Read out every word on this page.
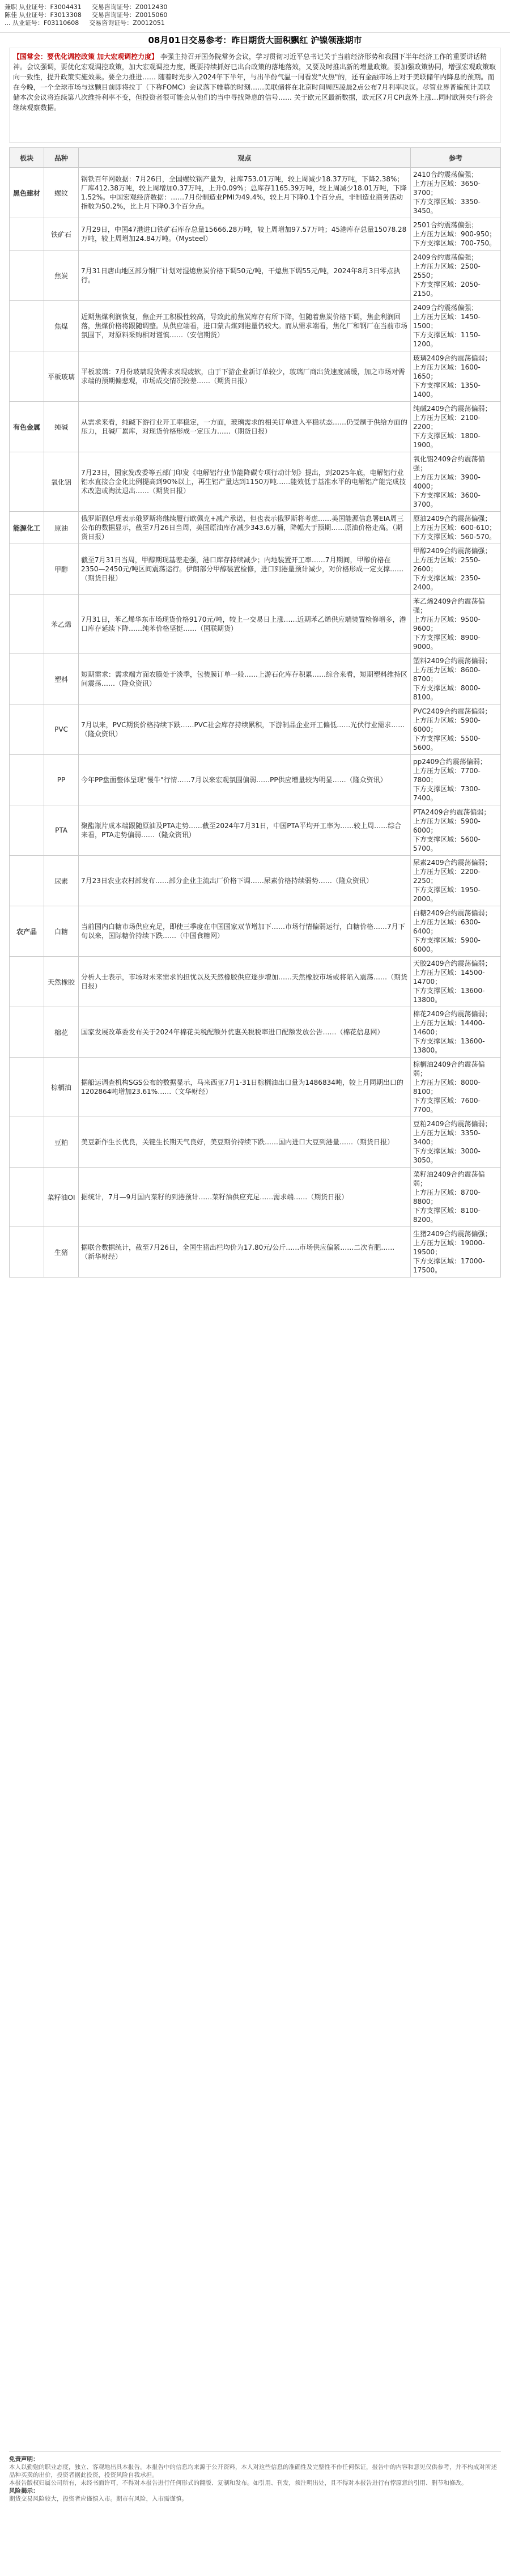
兼职 从业证号：F3004431 交易咨询证号：Z0012430
陈佳 从业证号：F3013308 交易咨询证号：Z0015060
... 从业证号：F03110608 交易咨询证号：Z0012051
08月01日交易参考：昨日期货大面积飘红 沪镍领涨期市
【国常会：要优化调控政策 加大宏观调控力度】 李强主持召开国务院常务会议，学习贯彻习近平总书记关于当前经济形势和我国下半年经济工作的重要讲话精神。会议强调，要优化宏观调控政策，加大宏观调控力度，既要持续抓好已出台政策的落地落效，又要及时推出新的增量政策。要加强政策协同，增强宏观政策取向一致性，提升政策实施效果。要全力推进…… 随着时光步入2024年下半年，与出半份气温一同看发"火热"的，还有金融市场上对于美联储年内降息的预期。而在今晚，一个全球市场与这颗目前即将拉丁（下称FOMC）会议落下帷幕的时刻……美联储将在北京时间周四凌晨2点公布7月利率决议。尽管业界普遍预计美联储本次会议将连续第八次维持利率不变，但投资者很可能会从他们的当中寻找降息的信号…… 关于欧元区最新数据，欧元区7月CPI意外上涨…同时欧洲央行将会继续观察数据。
板块	品种	观点	参考
黑色建材	螺纹	钢铁百年网数据：7月26日，全国螺纹钢产量为，社库753.01万吨，较上周减少18.37万吨，下降2.38%；厂库412.38万吨，较上周增加0.37万吨，上升0.09%；总库存1165.39万吨，较上周减少18.01万吨，下降1.52%。中国宏观经济数据：……7月份制造业PMI为49.4%，较上月下降0.1个百分点，非制造业商务活动指数为50.2%，比上月下降0.3个百分点。	2410合约震荡偏强；
上方压力区域：3650-3700；
下方支撑区域：3350-3450。

	铁矿石	7月29日，中国47港进口铁矿石库存总量15666.28万吨，较上周增加97.57万吨；45港库存总量15078.28万吨，较上周增加24.84万吨。（Mysteel）	2501合约震荡偏强；
上方压力区域：900-950；
下方支撑区域：700-750。

	焦炭	7月31日唐山地区部分钢厂计划对湿熄焦炭价格下调50元/吨，干熄焦下调55元/吨，2024年8月3日零点执行。	2409合约震荡偏强；
上方压力区域：2500-2550；
下方支撑区域：2050-2150。

	焦煤	近期焦煤利润恢复，焦企开工积极性较高，导致此前焦炭库存有所下降，但随着焦炭价格下调，焦企利润回落，焦煤价格将跟随调整。从供应端看，进口蒙古煤到港量仍较大。而从需求端看，焦化厂和钢厂在当前市场氛围下，对原料采购相对谨慎……（安信期货）	2409合约震荡偏强；
上方压力区域：1450-1500；
下方支撑区域：1150-1200。

	平板玻璃	平板玻璃：7月份玻璃现货需求表现疲软，由于下游企业新订单较少，玻璃厂商出货速度减缓，加之市场对需求端的预期偏悲观，市场成交情况较差……（期货日报）	玻璃2409合约震荡偏弱；
上方压力区域：1600-1650；
下方支撑区域：1350-1400。

有色金属	纯碱	从需求来看，纯碱下游行业开工率稳定，一方面，玻璃需求的相关订单进入平稳状态……仍受制于供给方面的压力，且碱厂累库，对现货价格形成一定压力……（期货日报）	纯碱2409合约震荡偏弱；
上方压力区域：2100-2200；
下方支撑区域：1800-1900。

	氧化铝	7月23日，国家发改委等五部门印发《电解铝行业节能降碳专项行动计划》提出，到2025年底，电解铝行业铝水直接合金化比例提高到90%以上，再生铝产量达到1150万吨……能效低于基准水平的电解铝产能完成技术改造或淘汰退出……（期货日报）	氧化铝2409合约震荡偏强；
上方压力区域：3900-4000；
下方支撑区域：3600-3700。

能源化工	原油	俄罗斯副总理表示俄罗斯将继续履行欧佩克+减产承诺，但也表示俄罗斯将考虑……美国能源信息署EIA周三公布的数据显示，截至7月26日当周，美国原油库存减少343.6万桶，降幅大于预期……原油价格走高。（期货日报）	原油2409合约震荡偏强；
上方压力区域：600-610；
下方支撑区域：560-570。

	甲醇	截至7月31日当周，甲醇期现基差走强，港口库存持续减少；内地装置开工率……7月期间，甲醇价格在2350—2450元/吨区间震荡运行。伊朗部分甲醇装置检修，进口到港量预计减少，对价格形成一定支撑……（期货日报）	甲醇2409合约震荡偏强；
上方压力区域：2550-2600；
下方支撑区域：2350-2400。

	苯乙烯	7月31日，苯乙烯华东市场现货价格9170元/吨，较上一交易日上涨……近期苯乙烯供应端装置检修增多，港口库存延续下降……纯苯价格坚挺……（国联期货）	苯乙烯2409合约震荡偏强；
上方压力区域：9500-9600；
下方支撑区域：8900-9000。

	塑料	短期需求：需求端方面农膜处于淡季，包装膜订单一般……上游石化库存积累……综合来看，短期塑料维持区间震荡……（隆众资讯）	塑料2409合约震荡偏弱；
上方压力区域：8600-8700；
下方支撑区域：8000-8100。

	PVC	7月以来，PVC期货价格持续下跌……PVC社会库存持续累积，下游制品企业开工偏低……光伏行业需求……（隆众资讯）	PVC2409合约震荡偏弱；
上方压力区域：5900-6000；
下方支撑区域：5500-5600。

	PP	今年PP盘面整体呈现"慢牛"行情……7月以来宏观氛围偏弱……PP供应增量较为明显……（隆众资讯）	pp2409合约震荡偏弱；
上方压力区域：7700-7800；
下方支撑区域：7300-7400。

	PTA	聚酯瓶片成本端跟随原油及PTA走势……截至2024年7月31日，中国PTA平均开工率为……较上周……综合来看，PTA走势偏弱……（隆众资讯）	PTA2409合约震荡偏弱；
上方压力区域：5900-6000；
下方支撑区域：5600-5700。

	尿素	7月23日农业农村部发布……部分企业主流出厂价格下调……尿素价格持续弱势……（隆众资讯）	尿素2409合约震荡偏弱；
上方压力区域：2200-2250；
下方支撑区域：1950-2000。

农产品	白糖	当前国内白糖市场供应充足，即使三季度在中国国家双节增加下……市场行情偏弱运行，白糖价格……7月下旬以来，国际糖价持续下跌……（中国食糖网）	白糖2409合约震荡偏弱；
上方压力区域：6300-6400；
下方支撑区域：5900-6000。

	天然橡胶	分析人士表示，市场对未来需求的担忧以及天然橡胶供应逐步增加……天然橡胶市场或将陷入震荡……（期货日报）	天胶2409合约震荡偏弱；
上方压力区域：14500-14700；
下方支撑区域：13600-13800。

	棉花	国家发展改革委发布关于2024年棉花关税配额外优惠关税税率进口配额发放公告……（棉花信息网）	棉花2409合约震荡偏弱；
上方压力区域：14400-14600；
下方支撑区域：13600-13800。

	棕榈油	据船运调查机构SGS公布的数据显示，马来西亚7月1-31日棕榈油出口量为1486834吨，较上月同期出口的1202864吨增加23.61%……（文华财经）	棕榈油2409合约震荡偏弱；
上方压力区域：8000-8100；
下方支撑区域：7600-7700。

	豆粕	美豆新作生长优良，关键生长期天气良好，美豆期价持续下跌……国内进口大豆到港量……（期货日报）	豆粕2409合约震荡偏弱；
上方压力区域：3350-3400；
下方支撑区域：3000-3050。

	菜籽油OI	据统计，7月—9月国内菜籽的到港预计……菜籽油供应充足……需求端……（期货日报）	菜籽油2409合约震荡偏弱；
上方压力区域：8700-8800；
下方支撑区域：8100-8200。

	生猪	据联合数据统计，截至7月26日，全国生猪出栏均价为17.80元/公斤……市场供应偏紧……二次育肥……（新华财经）	生猪2409合约震荡偏强；
上方压力区域：19000-19500；
下方支撑区域：17000-17500。
免责声明：
本人以勤勉的职业态度，独立、客观地出具本报告。本报告中的信息均来源于公开资料，本人对这些信息的准确性及完整性不作任何保证，报告中的内容和意见仅供参考，并不构成对所述品种买卖的出价，投资者据此投资，投资风险自我承担。
本报告版权归属公司所有，未经书面许可，不得对本报告进行任何形式的翻版、复制和发布。如引用、刊发，须注明出处，且不得对本报告进行有悖原意的引用、删节和修改。
风险揭示：
期货交易风险较大，投资者应谨慎入市。期市有风险，入市需谨慎。
